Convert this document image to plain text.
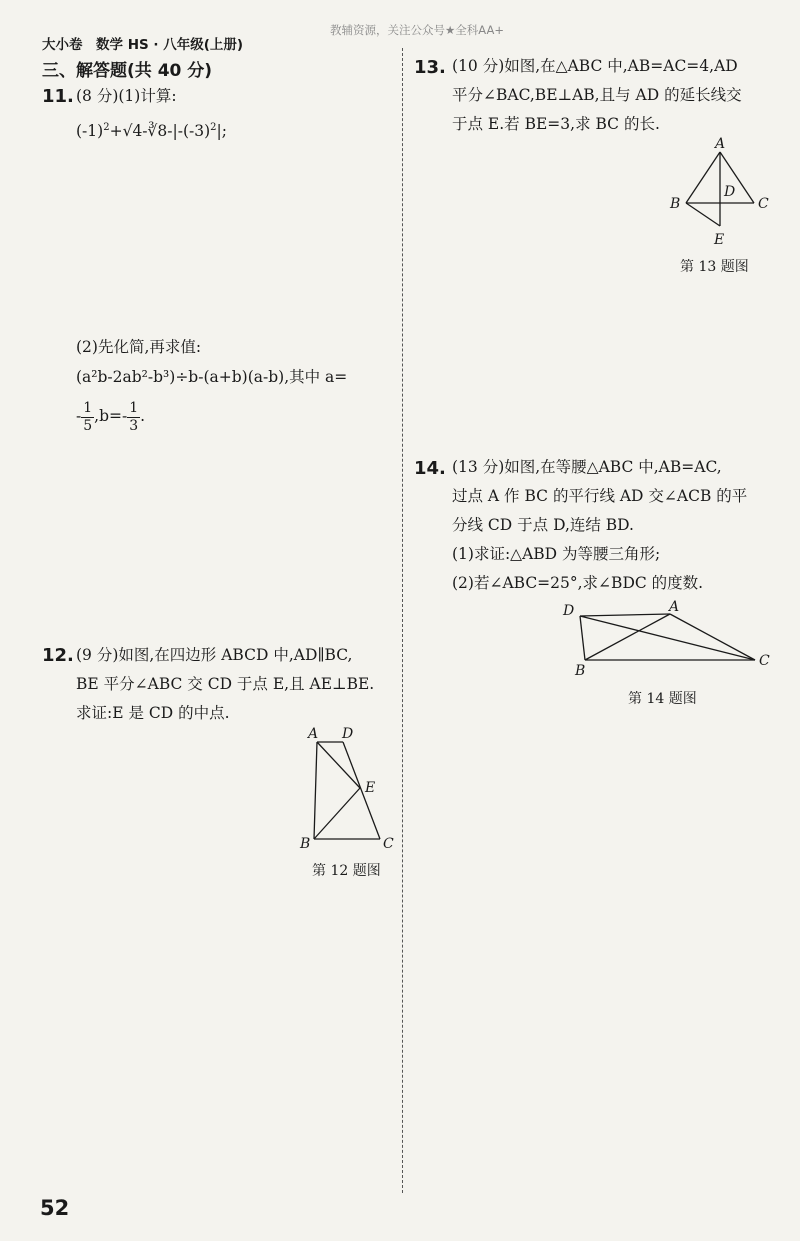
大小卷　数学 HS · 八年级(上册)
教辅资源，关注公众号★全科AA+
三、解答题(共 40 分)
11. (8 分)(1)计算:
$(-1)^2+√4-∛8-|-(-3)^2|$;
(2)先化简,再求值:
(a²b-2ab²-b³)÷b-(a+b)(a-b),其中 a=
- $\frac{1}{5} ,b=- \frac{1}{3}$ .
12. (9 分)如图,在四边形 ABCD 中,AD∥BC,
BE 平分∠ABC 交 CD 于点 E,且 AE⊥BE.
求证:E 是 CD 的中点.
A D
E
B	C
第 12 题图
13. (10 分)如图,在△ABC 中,AB=AC=4,AD
平分∠BAC,BE⊥AB,且与 AD 的延长线交
于点 E.若 BE=3,求 BC 的长.
A
D
B	C
E
第 13 题图
14. (13 分)如图,在等腰△ABC 中,AB=AC,
过点 A 作 BC 的平行线 AD 交∠ACB 的平
分线 CD 于点 D,连结 BD.
(1)求证:△ABD 为等腰三角形;
(2)若∠ABC=25°,求∠BDC 的度数.
D	A
B
C
第 14 题图
52
